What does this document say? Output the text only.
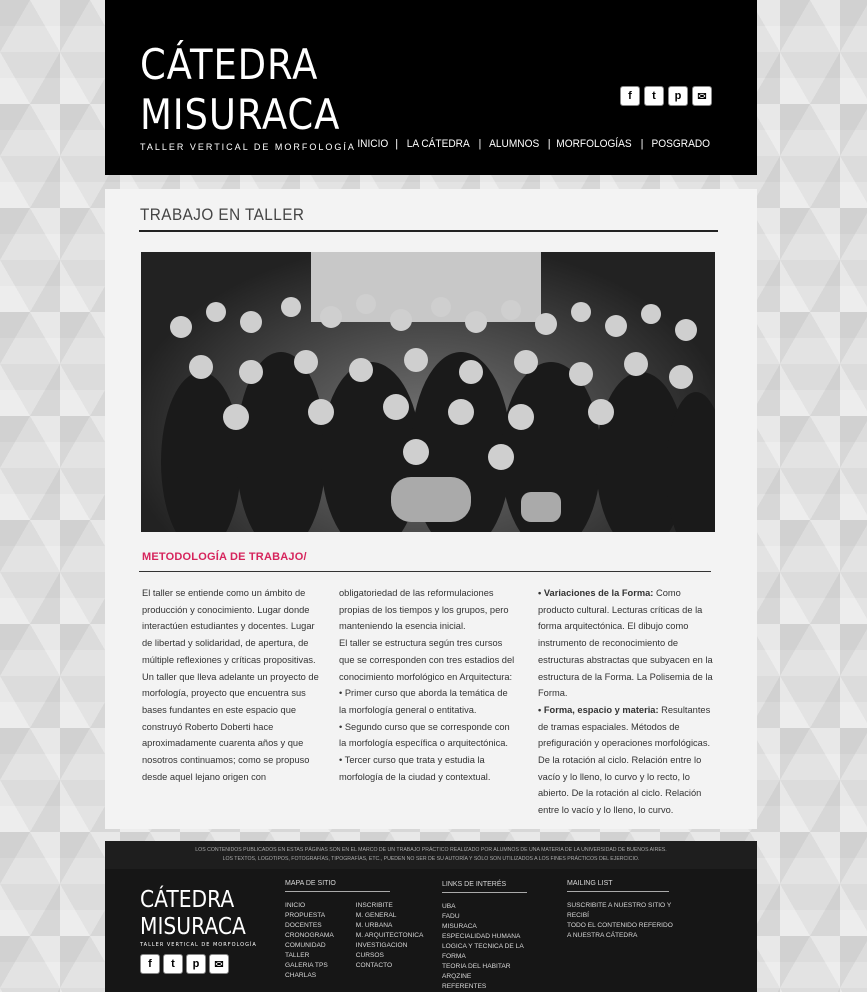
CÁTEDRA
MISURACA
TALLER VERTICAL DE MORFOLOGÍA
f	t	p	✉
INICIO | LA CÁTEDRA | ALUMNOS | MORFOLOGÍAS | POSGRADO
TRABAJO EN TALLER
METODOLOGÍA DE TRABAJO/

El taller se entiende como un ámbito de producción y conocimiento. Lugar donde interactúen estudiantes y docentes. Lugar de libertad y solidaridad, de apertura, de múltiple reflexiones y críticas propositivas.

Un taller que lleva adelante un proyecto de morfología, proyecto que encuentra sus bases fundantes en este espacio que construyó Roberto Doberti hace aproximadamente cuarenta años y que nosotros continuamos; como se propuso desde aquel lejano origen con

obligatoriedad de las reformulaciones propias de los tiempos y los grupos, pero manteniendo la esencia inicial.

El taller se estructura según tres cursos que se corresponden con tres estadios del conocimiento morfológico en Arquitectura:

• Primer curso que aborda la temática de la morfología general o entitativa.

• Segundo curso que se corresponde con la morfología específica o arquitectónica.

• Tercer curso que trata y estudia la morfología de la ciudad y contextual.

• Variaciones de la Forma: Como producto cultural. Lecturas críticas de la forma arquitectónica. El dibujo como instrumento de reconocimiento de estructuras abstractas que subyacen en la estructura de la Forma. La Polisemia de la Forma.

• Forma, espacio y materia: Resultantes de tramas espaciales. Métodos de prefiguración y operaciones morfológicas. De la rotación al ciclo. Relación entre lo vacío y lo lleno, lo curvo y lo recto, lo abierto. De la rotación al ciclo. Relación entre lo vacío y lo lleno, lo curvo.

LOS CONTENIDOS PUBLICADOS EN ESTAS PÁGINAS SON EN EL MARCO DE UN TRABAJO PRÁCTICO REALIZADO POR ALUMNOS DE UNA MATERIA DE LA UNIVERSIDAD DE BUENOS AIRES.
LOS TEXTOS, LOGOTIPOS, FOTOGRAFÍAS, TIPOGRAFÍAS, ETC., PUEDEN NO SER DE SU AUTORÍA Y SÓLO SON UTILIZADOS A LOS FINES PRÁCTICOS DEL EJERCICIO.
CÁTEDRA
MISURACA
TALLER VERTICAL DE MORFOLOGÍA
f	t	p	✉
MAPA DE SITIO
INICIO
PROPUESTA
DOCENTES
CRONOGRAMA
COMUNIDAD
TALLER
GALERIA TPS
CHARLAS
INSCRIBITE
M. GENERAL
M. URBANA
M. ARQUITECTONICA
INVESTIGACION
CURSOS
CONTACTO
LINKS DE INTERÉS
UBA
FADU
MISURACA
ESPECIALIDAD HUMANA
LOGICA Y TECNICA DE LA
FORMA
TEORIA DEL HABITAR
ARQZINE
REFERENTES
MAILING LIST
SUSCRIBITE A NUESTRO SITIO Y
RECIBÍ
TODO EL CONTENIDO REFERIDO
A NUESTRA CÁTEDRA
